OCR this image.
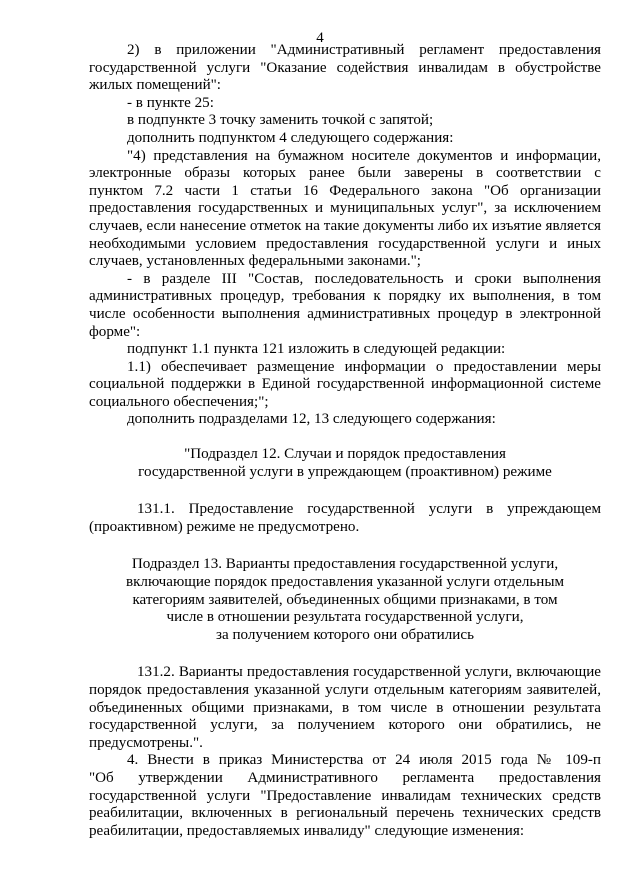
4

2) в приложении "Административный регламент предоставления

государственной услуги "Оказание содействия инвалидам в обустройстве

жилых помещений":

- в пункте 25:

в подпункте 3 точку заменить точкой с запятой;

дополнить подпунктом 4 следующего содержания:

"4) представления на бумажном носителе документов и информации,

электронные образы которых ранее были заверены в соответствии с

пунктом 7.2 части 1 статьи 16 Федерального закона "Об организации

предоставления государственных и муниципальных услуг", за исключением

случаев, если нанесение отметок на такие документы либо их изъятие является

необходимыми условием предоставления государственной услуги и иных

случаев, установленных федеральными законами.";

- в разделе III "Состав, последовательность и сроки выполнения

административных процедур, требования к порядку их выполнения, в том

числе особенности выполнения административных процедур в электронной

форме":

подпункт 1.1 пункта 121 изложить в следующей редакции:

1.1) обеспечивает размещение информации о предоставлении меры

социальной поддержки в Единой государственной информационной системе

социального обеспечения;";

дополнить подразделами 12, 13 следующего содержания:

"Подраздел 12. Случаи и порядок предоставления

государственной услуги в упреждающем (проактивном) режиме

131.1. Предоставление государственной услуги в упреждающем

(проактивном) режиме не предусмотрено.

Подраздел 13. Варианты предоставления государственной услуги,

включающие порядок предоставления указанной услуги отдельным

категориям заявителей, объединенных общими признаками, в том

числе в отношении результата государственной услуги,

за получением которого они обратились

131.2. Варианты предоставления государственной услуги, включающие

порядок предоставления указанной услуги отдельным категориям заявителей,

объединенных общими признаками, в том числе в отношении результата

государственной услуги, за получением которого они обратились, не

предусмотрены.".

4. Внести в приказ Министерства от 24 июля 2015 года № 109-п

"Об утверждении Административного регламента предоставления

государственной услуги "Предоставление инвалидам технических средств

реабилитации, включенных в региональный перечень технических средств

реабилитации, предоставляемых инвалиду" следующие изменения:
